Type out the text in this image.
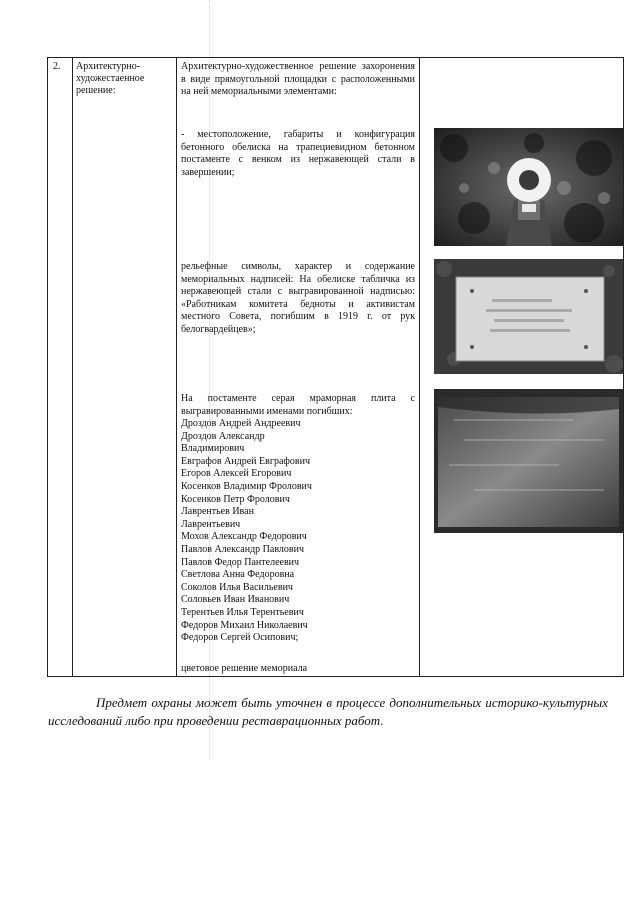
2.	Архитектурно-художестаенное решение:	
Архитектурно-художественное решение захоронения в виде прямоугольной площадки с расположенными на ней мемориальными элементами:
- местоположение, габариты и конфигурация бетонного обелиска на трапециевидном бетонном постаменте с венком из нержавеющей стали в завершении;
рельефные символы, характер и содержание мемориальных надписей: На обелиске табличка из нержавеющей стали с выгравированной надписью: «Работникам комитета бедноты и активистам местного Совета, погибшим в 1919 г. от рук белогвардейцев»;
На постаменте серая мраморная плита с выгравированными именами погибших:
Дроздов Андрей Андреевич
Дроздов Александр
Владимирович
Евграфов Андрей Евграфович
Егоров Алексей Егорович
Косенков Владимир Фролович
Косенков Петр Фролович
Лаврентьев Иван
Лаврентьевич
Мохов Александр Федорович
Павлов Александр Павлович
Павлов Федор Пантелеевич
Светлова Анна Федоровна
Соколов Илья Васильевич
Соловьев Иван Иванович
Терентьев Илья Терентьевич
Федоров Михаил Николаевич
Федоров Сергей Осипович;
цветовое решение мемориала

Предмет охраны может быть уточнен в процессе дополнительных историко-культурных исследований либо при проведении реставрационных работ.
